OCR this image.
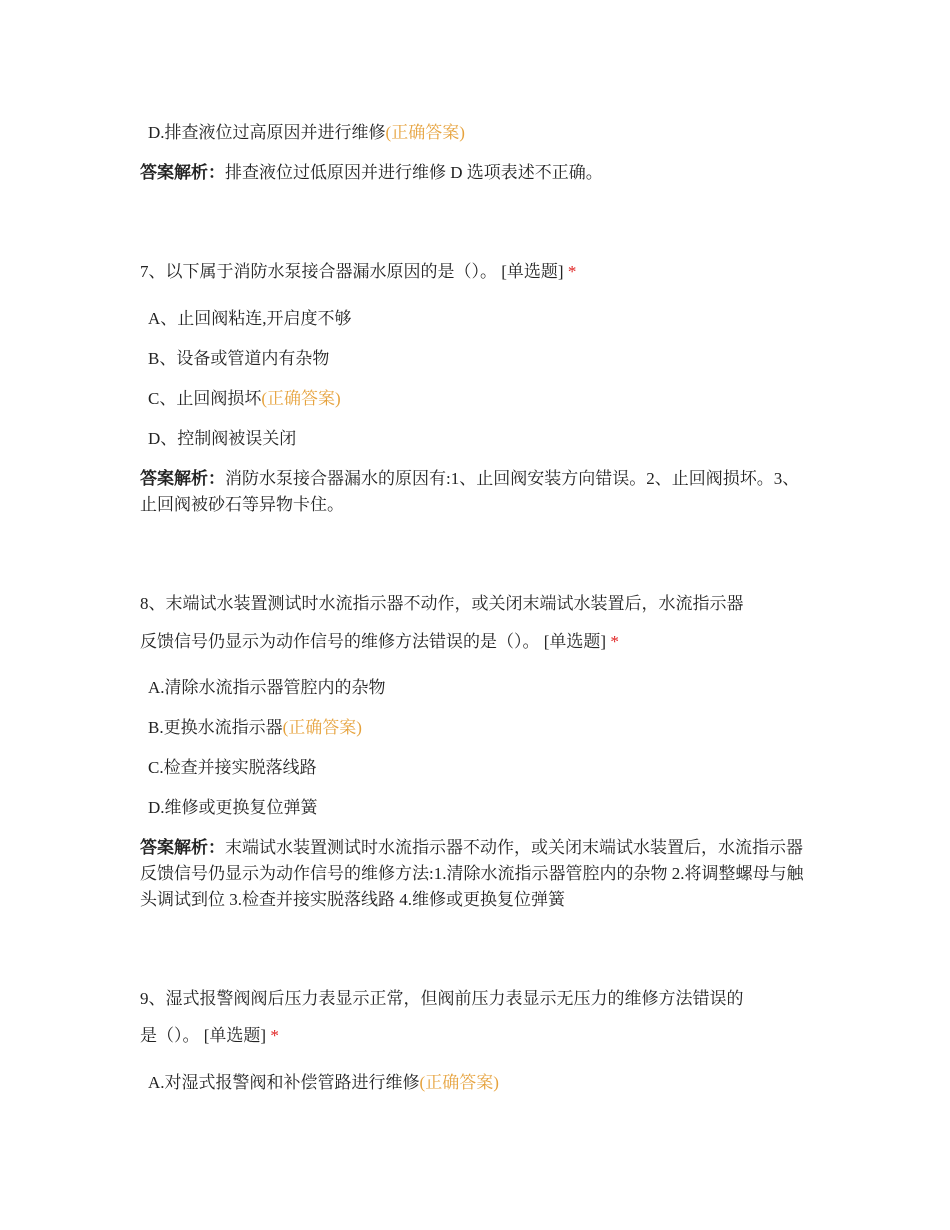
D.排查液位过高原因并进行维修(正确答案)
答案解析：排查液位过低原因并进行维修 D 选项表述不正确。
7、以下属于消防水泵接合器漏水原因的是（）。 [单选题] *
A、止回阀粘连,开启度不够
B、设备或管道内有杂物
C、止回阀损坏(正确答案)
D、控制阀被误关闭
答案解析：消防水泵接合器漏水的原因有:1、止回阀安装方向错误。2、止回阀损坏。3、止回阀被砂石等异物卡住。
8、末端试水装置测试时水流指示器不动作，或关闭末端试水装置后，水流指示器
反馈信号仍显示为动作信号的维修方法错误的是（）。 [单选题] *
A.清除水流指示器管腔内的杂物
B.更换水流指示器(正确答案)
C.检查并接实脱落线路
D.维修或更换复位弹簧
答案解析：末端试水装置测试时水流指示器不动作，或关闭末端试水装置后，水流指示器反馈信号仍显示为动作信号的维修方法:1.清除水流指示器管腔内的杂物 2.将调整螺母与触头调试到位 3.检查并接实脱落线路 4.维修或更换复位弹簧
9、湿式报警阀阀后压力表显示正常，但阀前压力表显示无压力的维修方法错误的
是（）。 [单选题] *
A.对湿式报警阀和补偿管路进行维修(正确答案)
